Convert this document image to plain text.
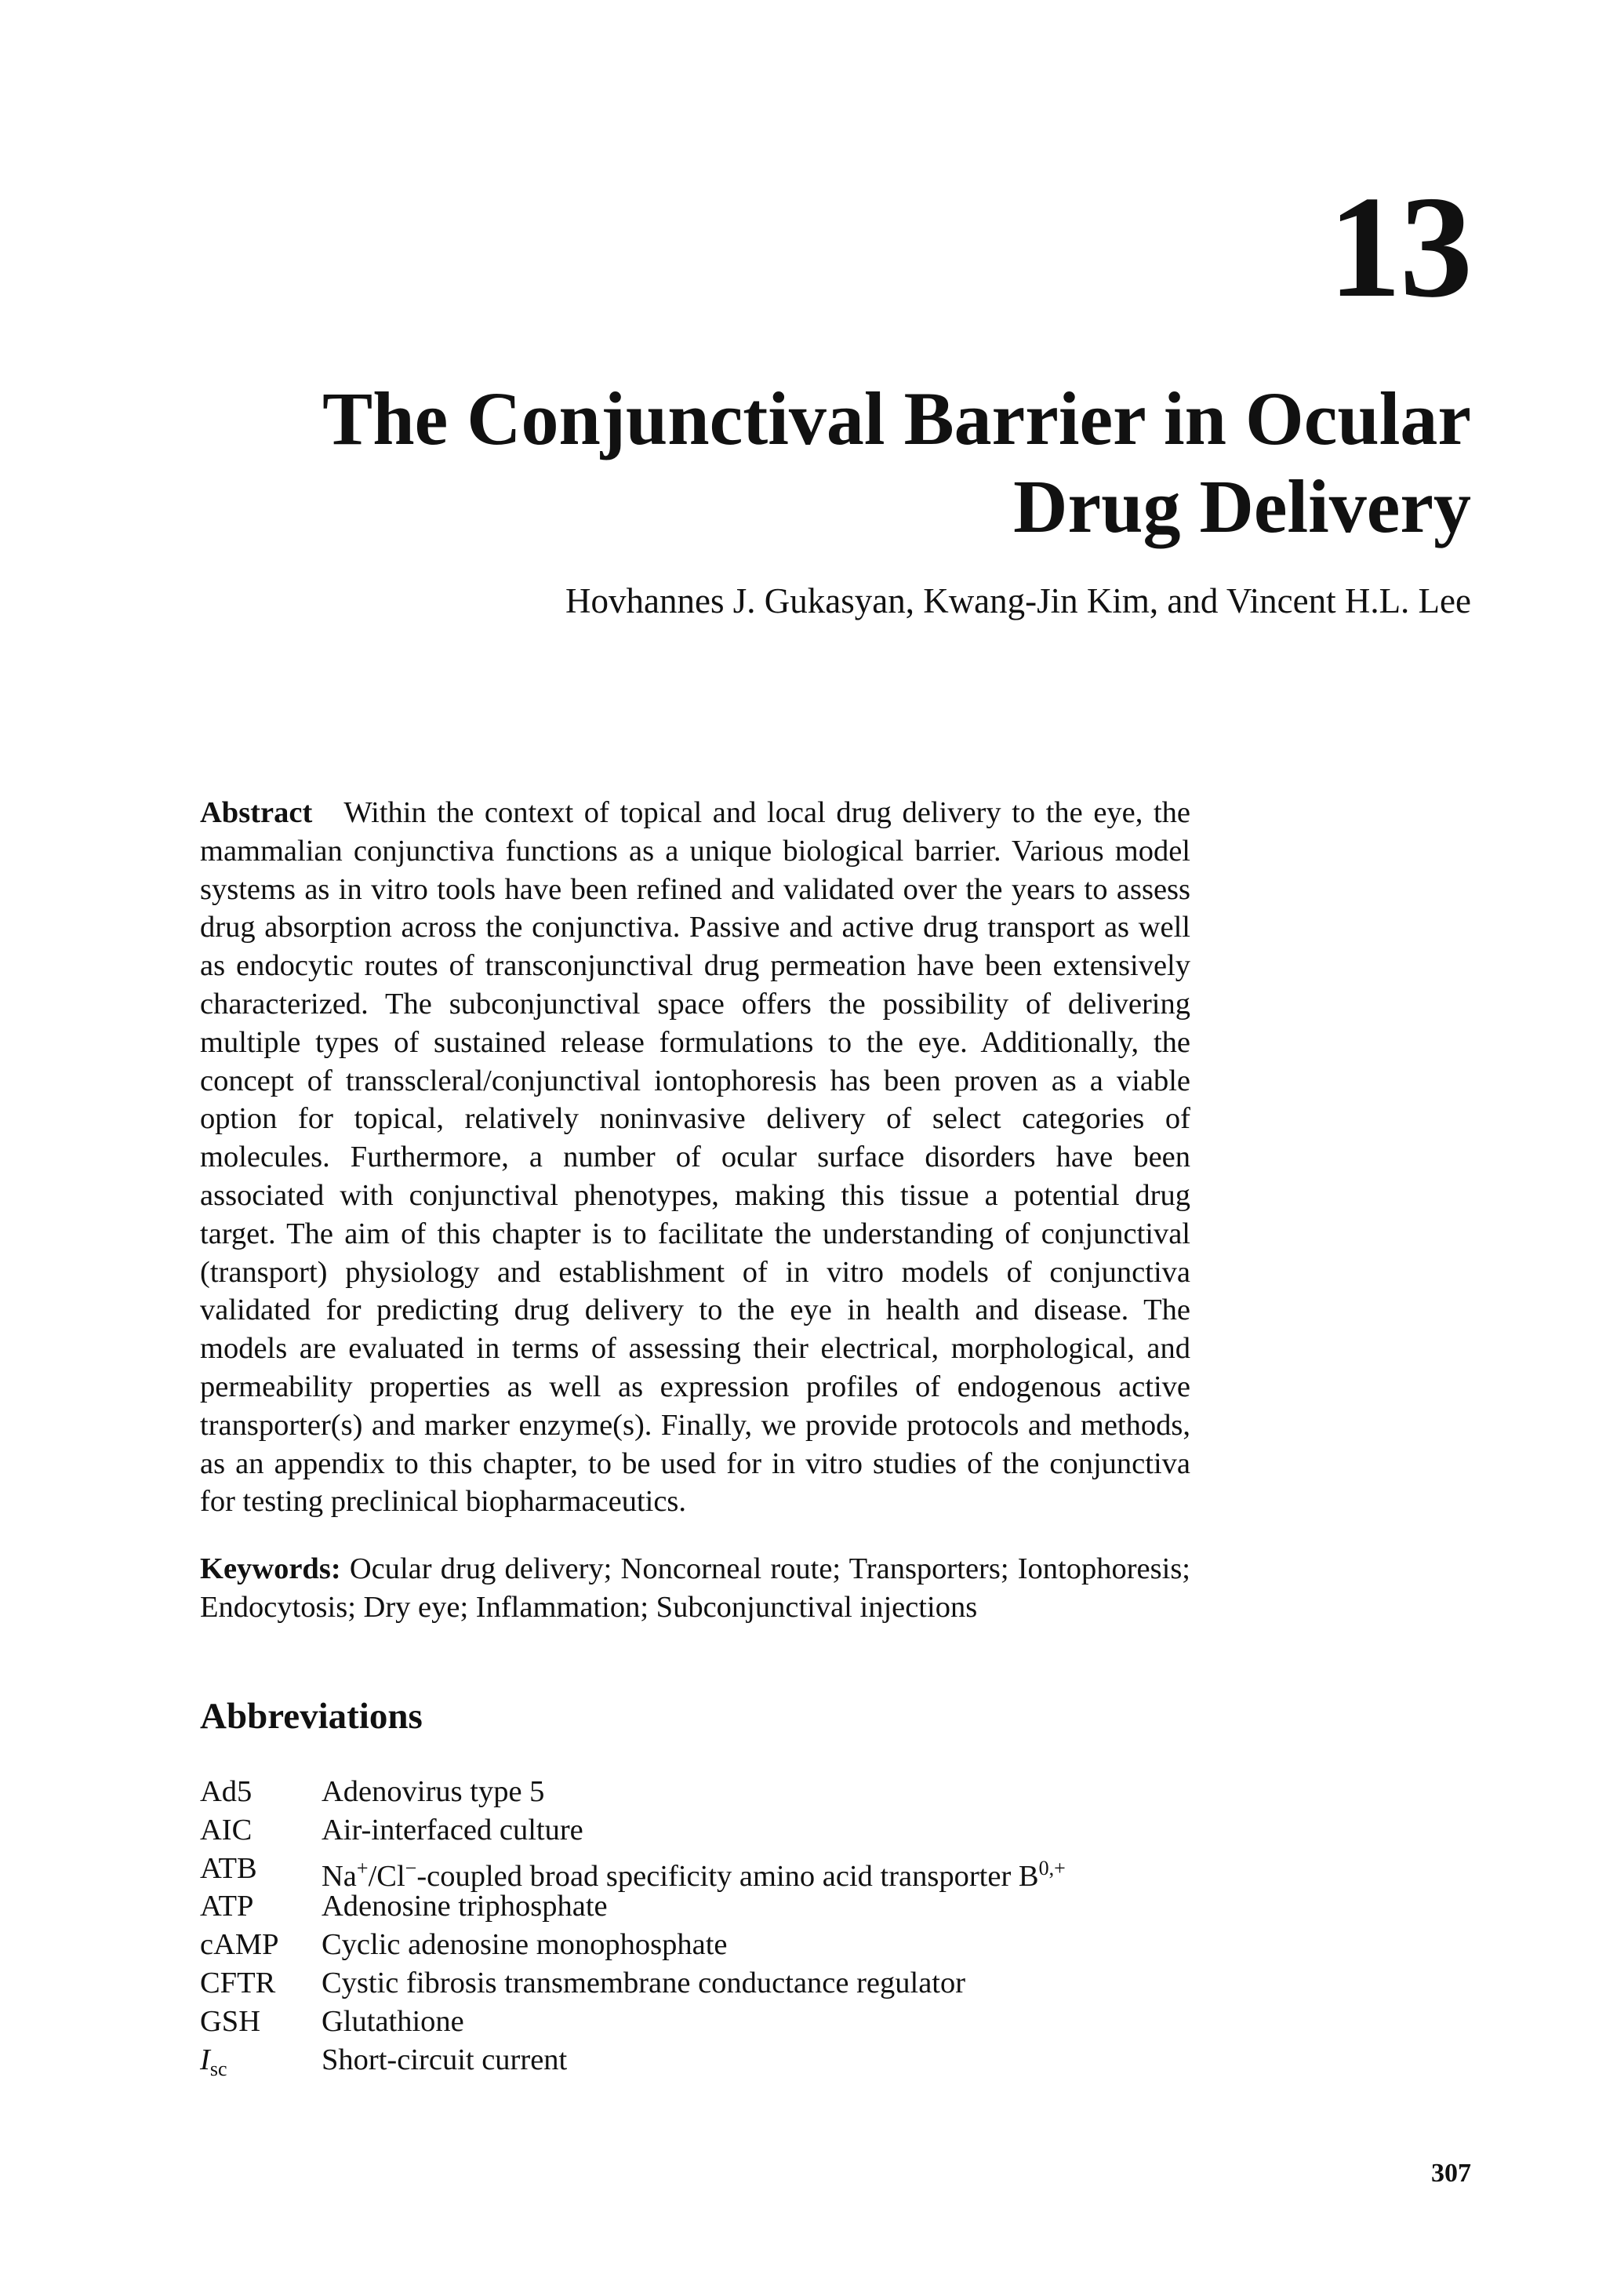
13
The Conjunctival Barrier in Ocular
Drug Delivery
Hovhannes J. Gukasyan, Kwang-Jin Kim, and Vincent H.L. Lee

Abstract Within the context of topical and local drug delivery to the eye, the mammalian conjunctiva functions as a unique biological barrier. Various model systems as in vitro tools have been refined and validated over the years to assess drug absorption across the conjunctiva. Passive and active drug transport as well as endocytic routes of transconjunctival drug permeation have been extensively characterized. The subconjunctival space offers the possibility of delivering multiple types of sustained release formulations to the eye. Additionally, the concept of transscleral/conjunctival iontophoresis has been proven as a viable option for topical, relatively noninvasive delivery of select categories of molecules. Furthermore, a number of ocular surface disorders have been associated with conjunctival phenotypes, making this tissue a potential drug target. The aim of this chapter is to facilitate the understanding of conjunctival (transport) physiology and establishment of in vitro models of conjunctiva validated for predicting drug delivery to the eye in health and disease. The models are evaluated in terms of assessing their electrical, morphological, and permeability properties as well as expression profiles of endogenous active transporter(s) and marker enzyme(s). Finally, we provide protocols and methods, as an appendix to this chapter, to be used for in vitro studies of the conjunctiva for testing preclinical biopharmaceutics.

Keywords: Ocular drug delivery; Noncorneal route; Transporters; Iontophoresis; Endocytosis; Dry eye; Inflammation; Subconjunctival injections

Abbreviations
Ad5	Adenovirus type 5
AIC	Air-interfaced culture
ATB	Na+/Cl−-coupled broad specificity amino acid transporter $B^{0,+}$
ATP	Adenosine triphosphate
cAMP	Cyclic adenosine monophosphate
CFTR	Cystic fibrosis transmembrane conductance regulator
GSH	Glutathione
$I_{sc}$	Short-circuit current
307
